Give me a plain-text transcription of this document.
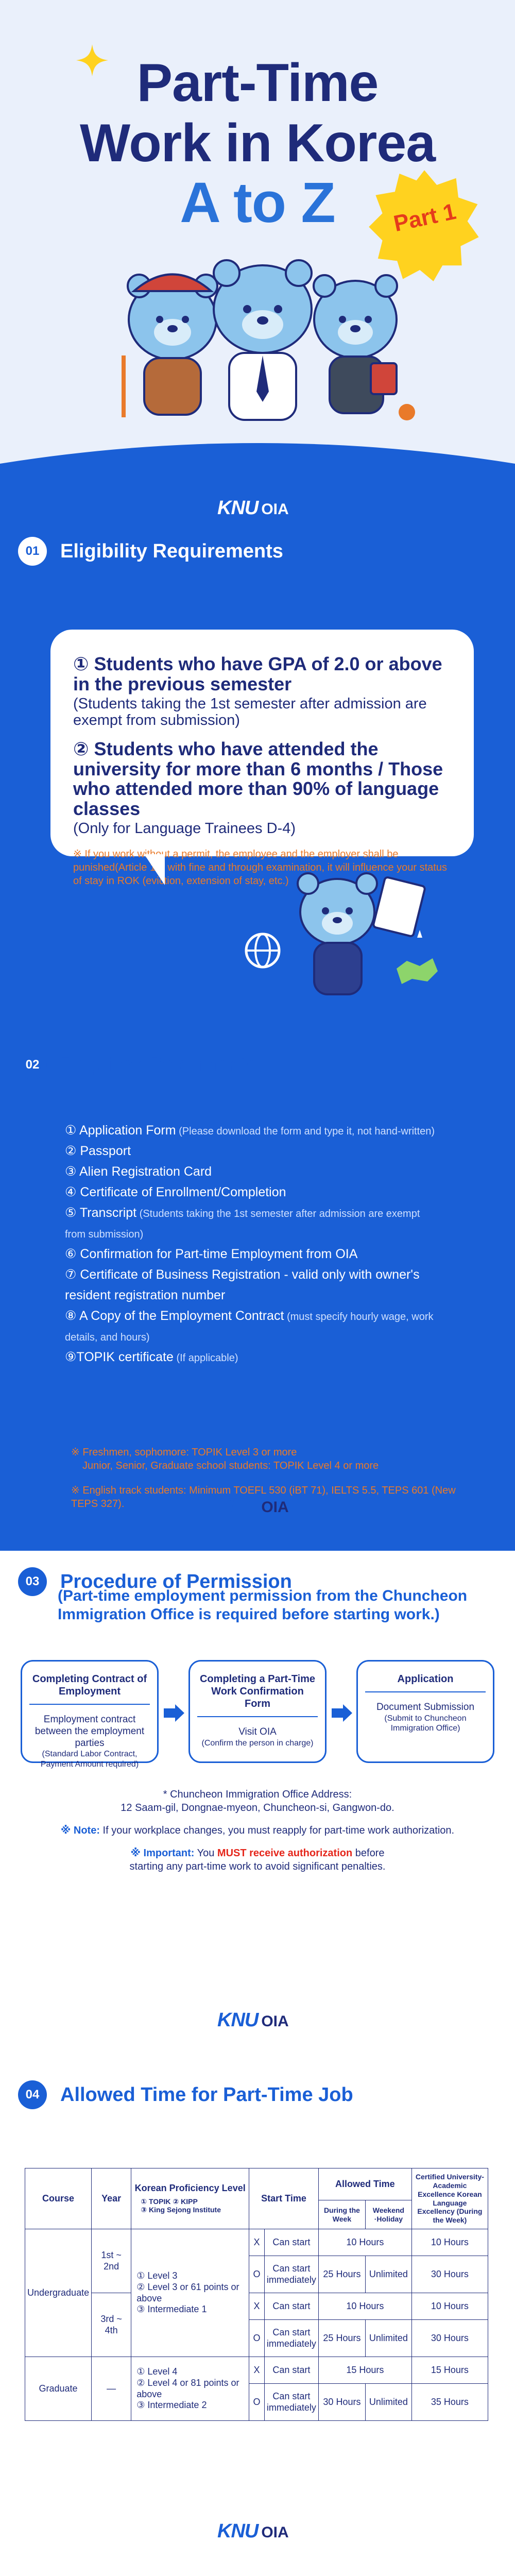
Part-Time
Work in Korea
A to Z	Part 1
KNU OIA
01	Eligibility Requirements
① Students who have GPA of 2.0 or above in the previous semester
(Students taking the 1st semester after admission are exempt from submission)
② Students who have attended the university for more than 6 months / Those who attended more than 90% of language classes
(Only for Language Trainees D-4)
※ If you work without a permit, the employee and the employer shall be punished(Article 18) with fine and through examination, it will influence your status of stay in ROK (eviction, extension of stay, etc.)
02	Required Documents
① Application Form (Please download the form and type it, not hand-written)
② Passport
③ Alien Registration Card
④ Certificate of Enrollment/Completion
⑤ Transcript (Students taking the 1st semester after admission are exempt from submission)
⑥ Confirmation for Part-time Employment from OIA
⑦ Certificate of Business Registration - valid only with owner's resident registration number
⑧ A Copy of the Employment Contract (must specify hourly wage, work details, and hours)
⑨TOPIK certificate (If applicable)

※ Freshmen, sophomore: TOPIK Level 3 or more
Junior, Senior, Graduate school students: TOPIK Level 4 or more

※ English track students: Minimum TOEFL 530 (iBT 71), IELTS 5.5, TEPS 601 (New TEPS 327).	KNU OIA
03	Procedure of Permission
(Part-time employment permission from the Chuncheon Immigration Office is required before starting work.)
Completing Contract of Employment
Employment contract between the employment parties
(Standard Labor Contract, Payment Amount required)
Completing a Part-Time Work Confirmation Form
Visit OIA
(Confirm the person in charge)
Application
Document Submission
(Submit to Chuncheon Immigration Office)
* Chuncheon Immigration Office Address:
12 Saam-gil, Dongnae-myeon, Chuncheon-si, Gangwon-do.
※ Note: If your workplace changes, you must reapply for part-time work authorization.
※ Important: You MUST receive authorization before starting any part-time work to avoid significant penalties.
KNU OIA
04	Allowed Time for Part-Time Job
Course	Year	Korean Proficiency Level
① TOPIK ② KIPP
③ King Sejong Institute	Start Time		Allowed Time		Certified University-Academic Excellence Korean Language Excellency (During the Week)
					During the Week	Weekend ·Holiday	
Undergraduate	1st ~ 2nd	① Level 3
② Level 3 or 61 points or above
③ Intermediate 1	X	Can start	10 Hours		10 Hours
			O	Can start immediately	25 Hours	Unlimited	30 Hours
	3rd ~ 4th		X	Can start	10 Hours		10 Hours
			O	Can start immediately	25 Hours	Unlimited	30 Hours
Graduate	—	① Level 4
② Level 4 or 81 points or above
③ Intermediate 2	X	Can start	15 Hours		15 Hours
			O	Can start immediately	30 Hours	Unlimited	35 Hours
KNU OIA
